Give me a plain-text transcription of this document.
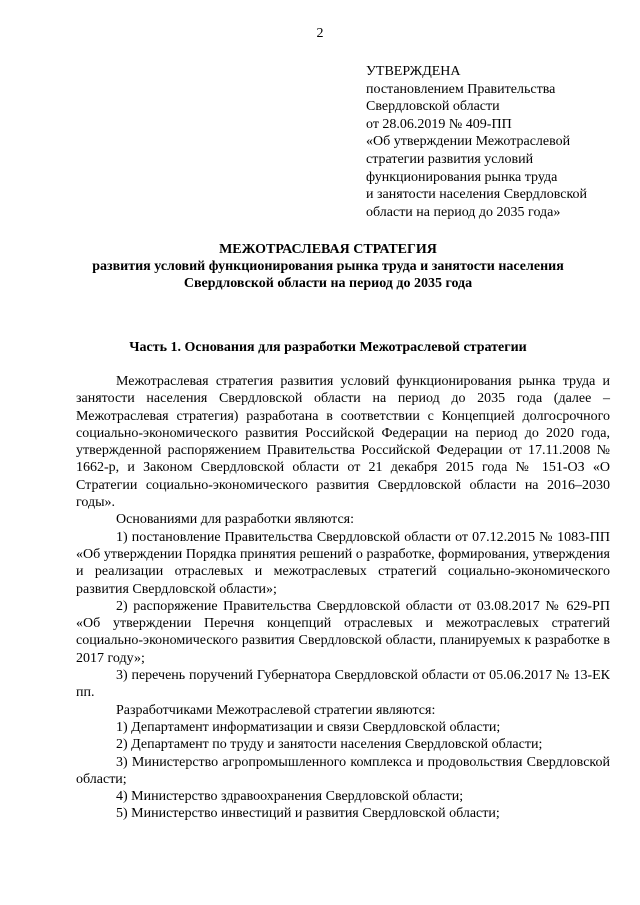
2
УТВЕРЖДЕНА
постановлением Правительства
Свердловской области
от 28.06.2019 № 409-ПП
«Об утверждении Межотраслевой
стратегии развития условий
функционирования рынка труда
и занятости населения Свердловской
области на период до 2035 года»
МЕЖОТРАСЛЕВАЯ СТРАТЕГИЯ
развития условий функционирования рынка труда и занятости населения
Свердловской области на период до 2035 года
Часть 1. Основания для разработки Межотраслевой стратегии

Межотраслевая стратегия развития условий функционирования рынка труда и занятости населения Свердловской области на период до 2035 года (далее – Межотраслевая стратегия) разработана в соответствии с Концепцией долгосрочного социально-экономического развития Российской Федерации на период до 2020 года, утвержденной распоряжением Правительства Российской Федерации от 17.11.2008 № 1662-р, и Законом Свердловской области от 21 декабря 2015 года № 151-ОЗ «О Стратегии социально-экономического развития Свердловской области на 2016–2030 годы».

Основаниями для разработки являются:

1) постановление Правительства Свердловской области от 07.12.2015 № 1083-ПП «Об утверждении Порядка принятия решений о разработке, формирования, утверждения и реализации отраслевых и межотраслевых стратегий социально-экономического развития Свердловской области»;

2) распоряжение Правительства Свердловской области от 03.08.2017 № 629-РП «Об утверждении Перечня концепций отраслевых и межотраслевых стратегий социально-экономического развития Свердловской области, планируемых к разработке в 2017 году»;

3) перечень поручений Губернатора Свердловской области от 05.06.2017 № 13-ЕК пп.

Разработчиками Межотраслевой стратегии являются:

1) Департамент информатизации и связи Свердловской области;

2) Департамент по труду и занятости населения Свердловской области;

3) Министерство агропромышленного комплекса и продовольствия Свердловской области;

4) Министерство здравоохранения Свердловской области;

5) Министерство инвестиций и развития Свердловской области;
